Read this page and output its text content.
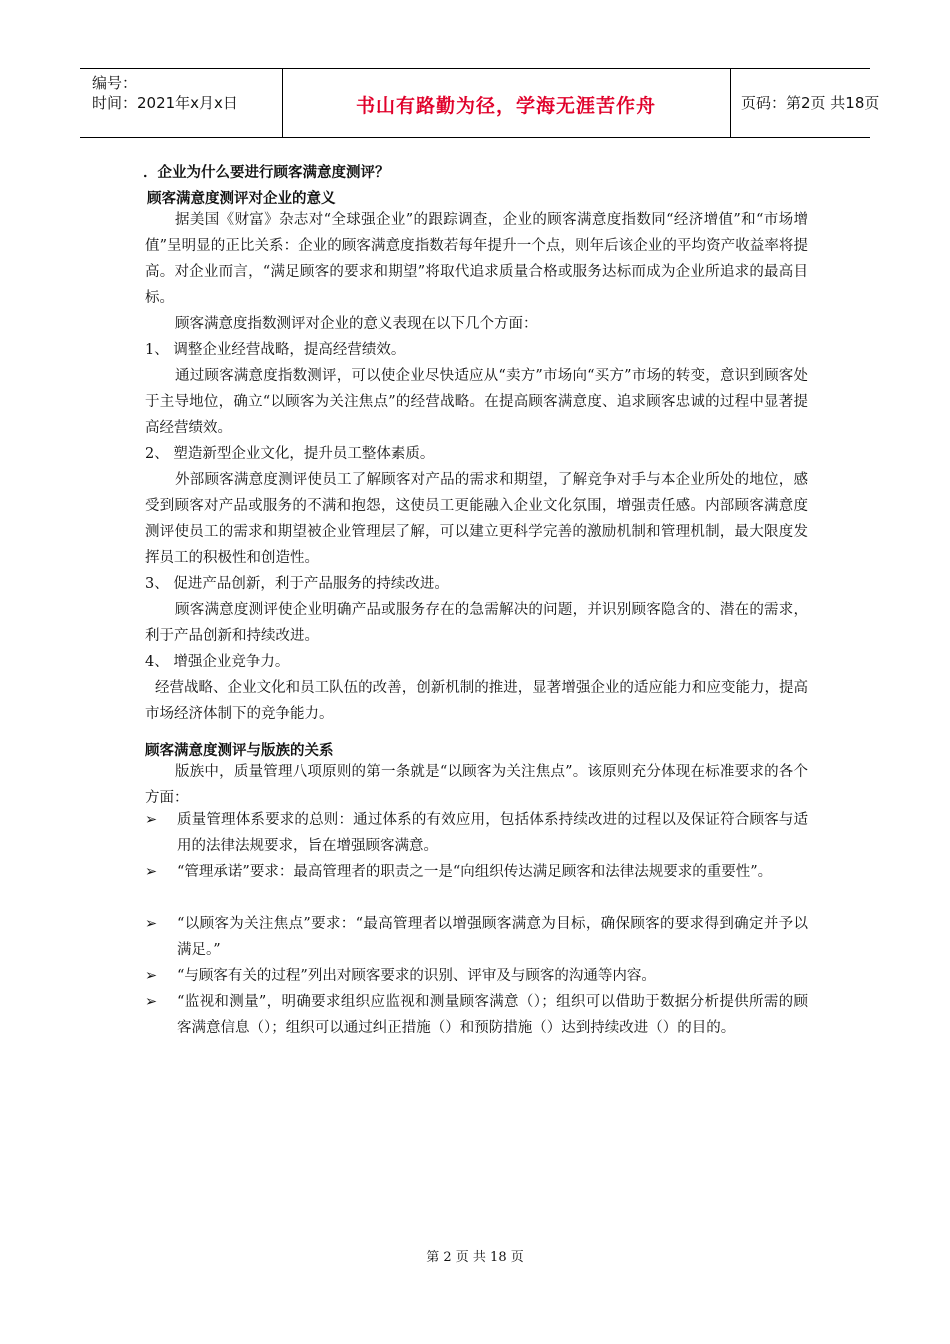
编号：
时间：2021年x月x日	书山有路勤为径，学海无涯苦作舟	页码：第2页 共18页
．企业为什么要进行顾客满意度测评？
顾客满意度测评对企业的意义
据美国《财富》杂志对“全球强企业”的跟踪调查，企业的顾客满意度指数同“经济增值”和“市场增值”呈明显的正比关系：企业的顾客满意度指数若每年提升一个点，则年后该企业的平均资产收益率将提高。对企业而言，“满足顾客的要求和期望”将取代追求质量合格或服务达标而成为企业所追求的最高目标。
顾客满意度指数测评对企业的意义表现在以下几个方面：
1、 调整企业经营战略，提高经营绩效。
通过顾客满意度指数测评，可以使企业尽快适应从“卖方”市场向“买方”市场的转变，意识到顾客处于主导地位，确立“以顾客为关注焦点”的经营战略。在提高顾客满意度、追求顾客忠诚的过程中显著提高经营绩效。
2、 塑造新型企业文化，提升员工整体素质。
外部顾客满意度测评使员工了解顾客对产品的需求和期望，了解竞争对手与本企业所处的地位，感受到顾客对产品或服务的不满和抱怨，这使员工更能融入企业文化氛围，增强责任感。内部顾客满意度测评使员工的需求和期望被企业管理层了解，可以建立更科学完善的激励机制和管理机制，最大限度发挥员工的积极性和创造性。
3、 促进产品创新，利于产品服务的持续改进。
顾客满意度测评使企业明确产品或服务存在的急需解决的问题，并识别顾客隐含的、潜在的需求，利于产品创新和持续改进。
4、 增强企业竞争力。
经营战略、企业文化和员工队伍的改善，创新机制的推进，显著增强企业的适应能力和应变能力，提高市场经济体制下的竞争能力。
顾客满意度测评与版族的关系
版族中，质量管理八项原则的第一条就是“以顾客为关注焦点”。该原则充分体现在标准要求的各个方面：
➢ 质量管理体系要求的总则：通过体系的有效应用，包括体系持续改进的过程以及保证符合顾客与适用的法律法规要求，旨在增强顾客满意。
➢ “管理承诺”要求：最高管理者的职责之一是“向组织传达满足顾客和法律法规要求的重要性”。
➢ “以顾客为关注焦点”要求：“最高管理者以增强顾客满意为目标，确保顾客的要求得到确定并予以满足。”
➢ “与顾客有关的过程”列出对顾客要求的识别、评审及与顾客的沟通等内容。
➢ “监视和测量”，明确要求组织应监视和测量顾客满意（）；组织可以借助于数据分析提供所需的顾客满意信息（）；组织可以通过纠正措施（）和预防措施（）达到持续改进（）的目的。
第 2 页 共 18 页
